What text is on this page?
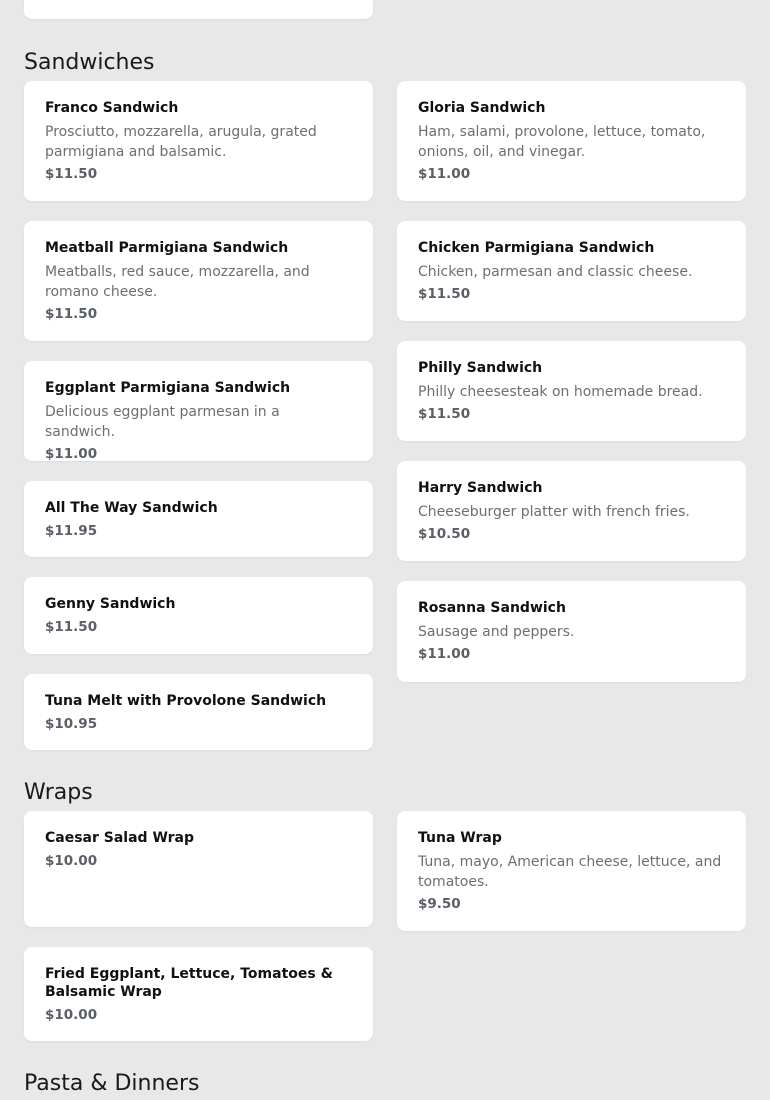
Sandwiches
Franco Sandwich
Prosciutto, mozzarella, arugula, grated parmigiana and balsamic.
$11.50
Gloria Sandwich
Ham, salami, provolone, lettuce, tomato, onions, oil, and vinegar.
$11.00
Meatball Parmigiana Sandwich
Meatballs, red sauce, mozzarella, and romano cheese.
$11.50
Chicken Parmigiana Sandwich
Chicken, parmesan and classic cheese.
$11.50
Eggplant Parmigiana Sandwich
Delicious eggplant parmesan in a sandwich.
$11.00
Philly Sandwich
Philly cheesesteak on homemade bread.
$11.50
All The Way Sandwich
$11.95
Harry Sandwich
Cheeseburger platter with french fries.
$10.50
Genny Sandwich
$11.50
Rosanna Sandwich
Sausage and peppers.
$11.00
Tuna Melt with Provolone Sandwich
$10.95
Wraps
Caesar Salad Wrap
$10.00
Tuna Wrap
Tuna, mayo, American cheese, lettuce, and tomatoes.
$9.50
Fried Eggplant, Lettuce, Tomatoes & Balsamic Wrap
$10.00
Pasta & Dinners
